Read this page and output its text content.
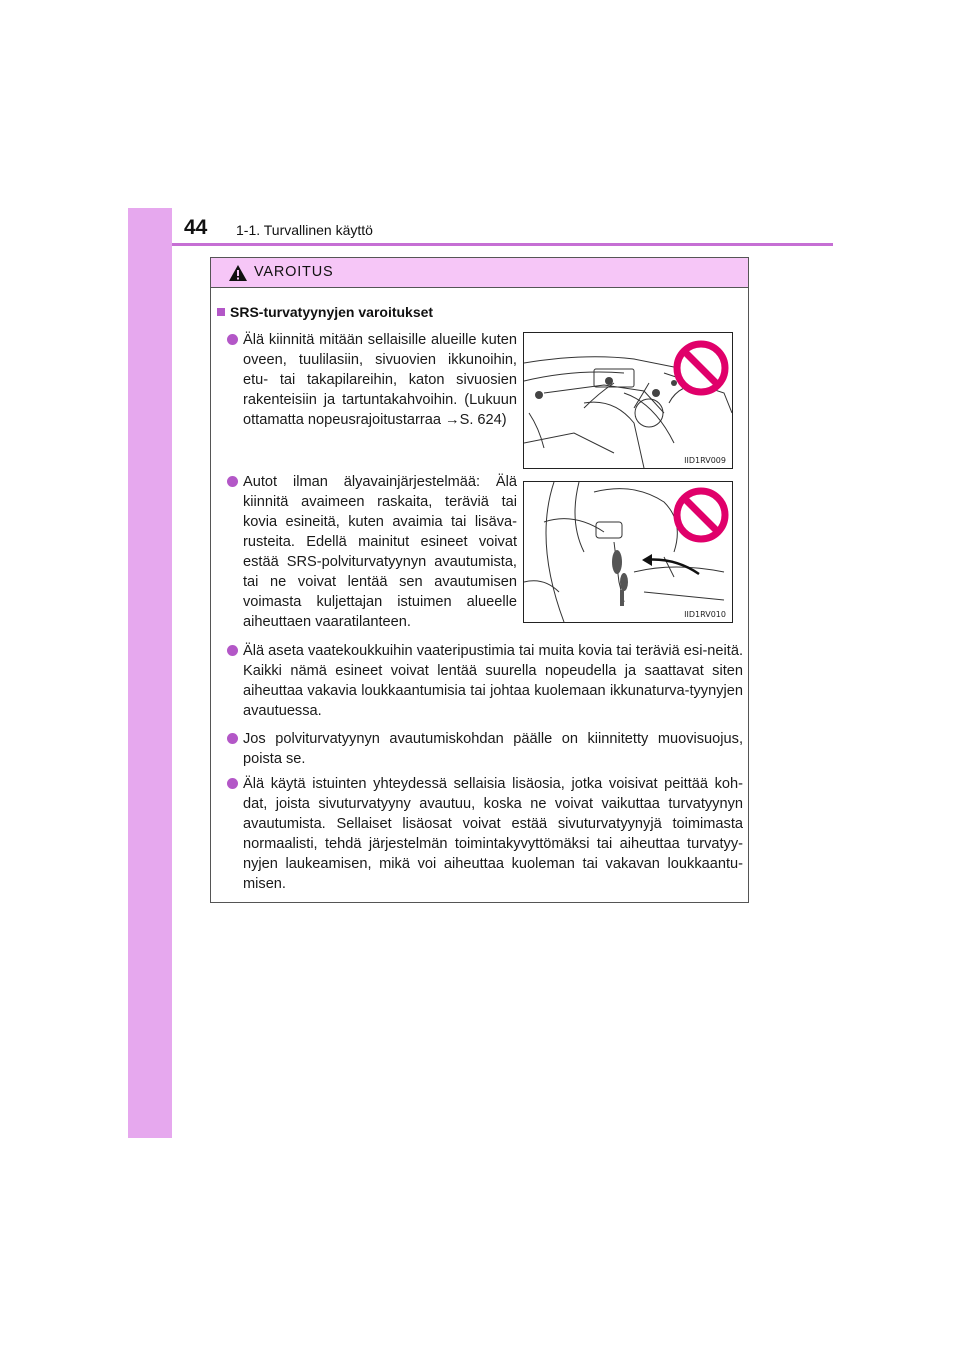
44 1-1. Turvallinen käyttö
VAROITUS
SRS-turvatyynyjen varoitukset
Älä kiinnitä mitään sellaisille alueille kuten oveen, tuulilasiin, sivuovien ikkunoihin, etu- tai takapilareihin, katon sivuosien rakenteisiin ja tartuntakahvoihin. (Lukuun ottamatta nopeusrajoitustarraa →S. 624)
IID1RV009
Autot ilman älyavainjärjestelmää: Älä kiinnitä avaimeen raskaita, teräviä tai kovia esineitä, kuten avaimia tai lisäva-rusteita. Edellä mainitut esineet voivat estää SRS-polviturvatyynyn avautumista, tai ne voivat lentää sen avautumisen voimasta kuljettajan istuimen alueelle aiheuttaen vaaratilanteen.	IID1RV010
Älä aseta vaatekoukkuihin vaateripustimia tai muita kovia tai teräviä esi-neitä. Kaikki nämä esineet voivat lentää suurella nopeudella ja saattavat siten aiheuttaa vakavia loukkaantumisia tai johtaa kuolemaan ikkunaturva-tyynyjen avautuessa.
Jos polviturvatyynyn avautumiskohdan päälle on kiinnitetty muovisuojus, poista se.
Älä käytä istuinten yhteydessä sellaisia lisäosia, jotka voisivat peittää koh-dat, joista sivuturvatyyny avautuu, koska ne voivat vaikuttaa turvatyynyn avautumista. Sellaiset lisäosat voivat estää sivuturvatyynyjä toimimasta normaalisti, tehdä järjestelmän toimintakyvyttömäksi tai aiheuttaa turvatyy-nyjen laukeamisen, mikä voi aiheuttaa kuoleman tai vakavan loukkaantu-misen.
